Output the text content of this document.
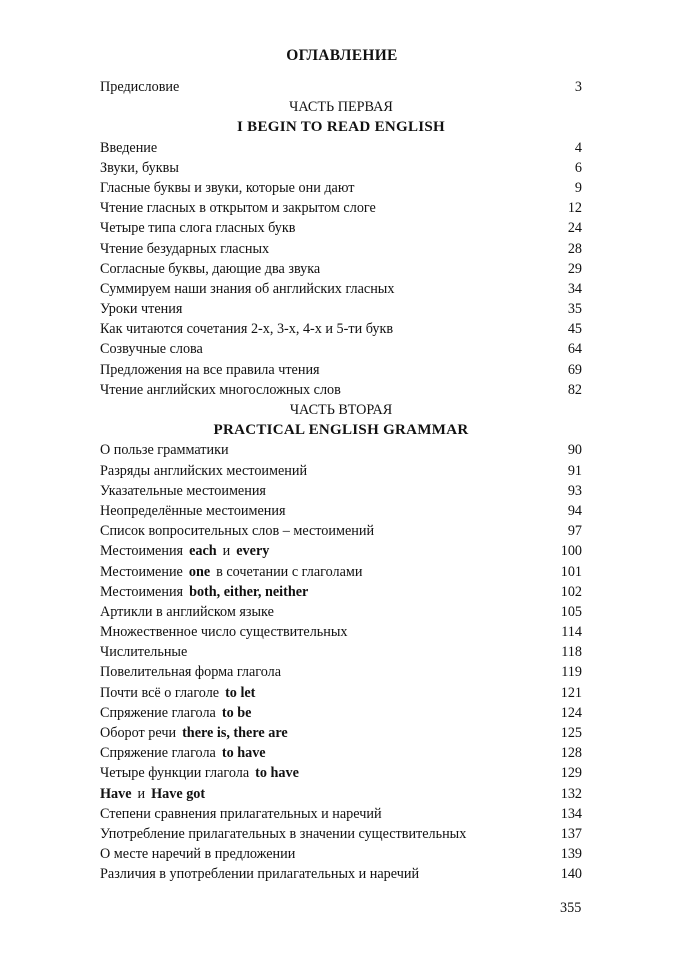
ОГЛАВЛЕНИЕ
Предисловие	3
ЧАСТЬ ПЕРВАЯ
I BEGIN TO READ ENGLISH
Введение	4
Звуки, буквы	6
Гласные буквы и звуки, которые они дают	9
Чтение гласных в открытом и закрытом слоге	12
Четыре типа слога гласных букв	24
Чтение безударных гласных	28
Согласные буквы, дающие два звука	29
Суммируем наши знания об английских гласных	34
Уроки чтения	35
Как читаются сочетания 2-х, 3-х, 4-х и 5-ти букв	45
Созвучные слова	64
Предложения на все правила чтения	69
Чтение английских многосложных слов	82
ЧАСТЬ ВТОРАЯ
PRACTICAL ENGLISH GRAMMAR
О пользе грамматики	90
Разряды английских местоимений	91
Указательные местоимения	93
Неопределённые местоимения	94
Список вопросительных слов – местоимений	97
Местоимения each и every	100
Местоимение one в сочетании с глаголами	101
Местоимения both, either, neither	102
Артикли в английском языке	105
Множественное число существительных	114
Числительные	118
Повелительная форма глагола	119
Почти всё о глаголе to let	121
Спряжение глагола to be	124
Оборот речи there is, there are	125
Спряжение глагола to have	128
Четыре функции глагола to have	129
Have и Have got	132
Степени сравнения прилагательных и наречий	134
Употребление прилагательных в значении существительных	137
О месте наречий в предложении	139
Различия в употреблении прилагательных и наречий	140
355
